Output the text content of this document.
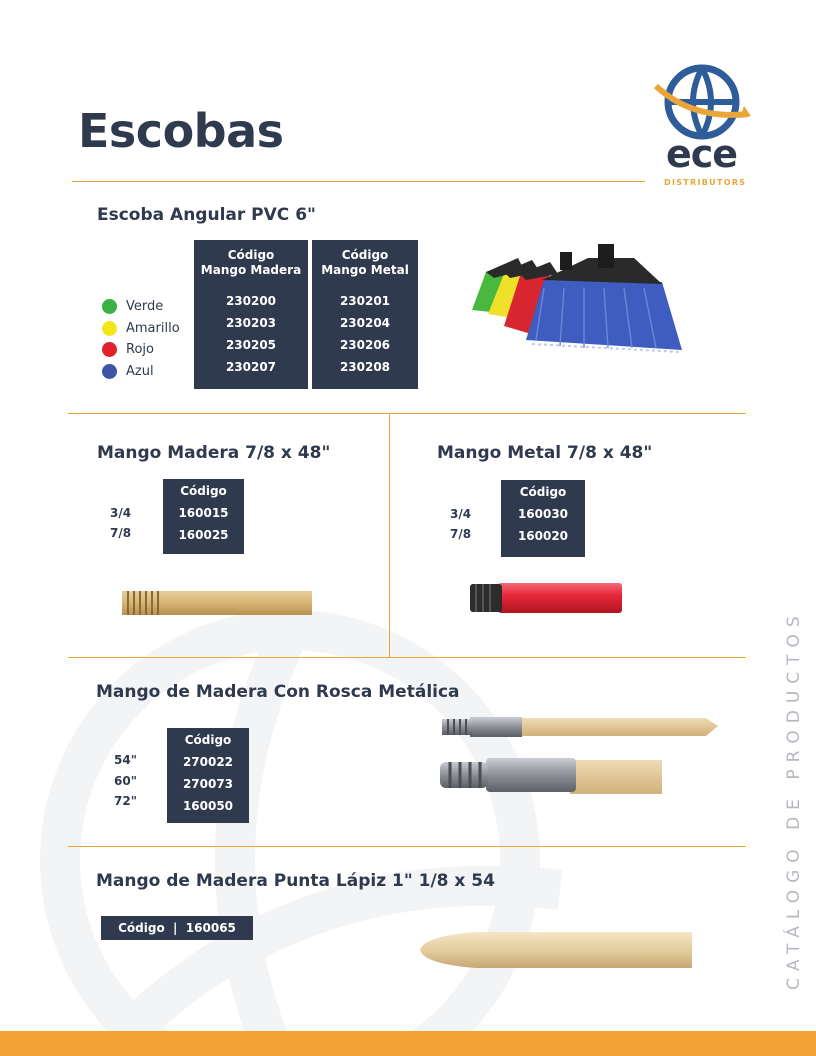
Escobas	ece
DISTRIBUTORS
Escoba Angular PVC 6"
Verde
Amarillo
Rojo
Azul
Código
Mango Madera
230200
230203
230205
230207
Código
Mango Metal
230201
230204
230206
230208
Mango Madera 7/8 x 48"
3/4
7/8
Código
160015
160025
Mango Metal 7/8 x 48"
3/4
7/8
Código
160030
160020
Mango de Madera Con Rosca Metálica
54"
60"
72"
Código
270022
270073
160050
Mango de Madera Punta Lápiz 1" 1/8 x 54
Código  |  160065	CATÁLOGO DE PRODUCTOS
